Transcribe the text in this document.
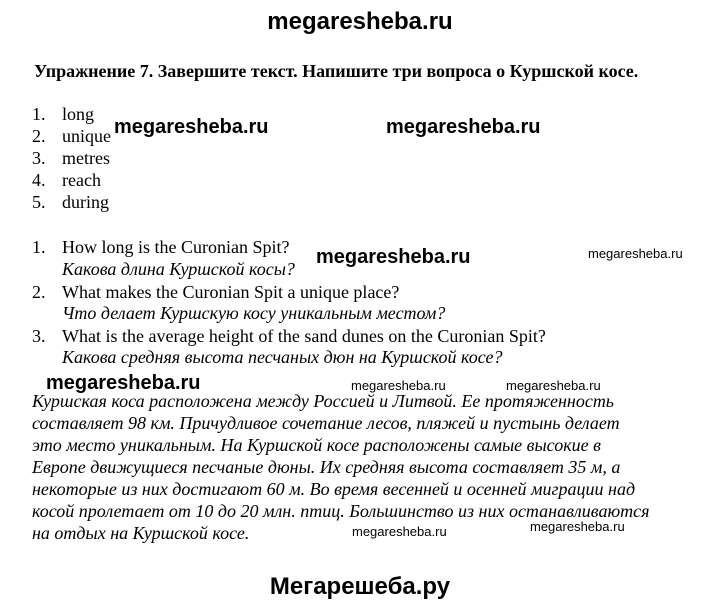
megaresheba.ru
Упражнение 7. Завершите текст. Напишите три вопроса о Куршской косе.
1. long
2. unique
3. metres
4. reach
5. during
1. How long is the Curonian Spit?
Какова длина Куршской косы?
2. What makes the Curonian Spit a unique place?
Что делает Куршскую косу уникальным местом?
3. What is the average height of the sand dunes on the Curonian Spit?
Какова средняя высота песчаных дюн на Куршской косе?
Куршская коса расположена между Россией и Литвой. Ее протяженность
составляет 98 км. Причудливое сочетание лесов, пляжей и пустынь делает
это место уникальным. На Куршской косе расположены самые высокие в
Европе движущиеся песчаные дюны. Их средняя высота составляет 35 м, а
некоторые из них достигают 60 м. Во время весенней и осенней миграции над
косой пролетает от 10 до 20 млн. птиц. Большинство из них останавливаются
на отдых на Куршской косе.
megaresheba.ru	megaresheba.ru
megaresheba.ru
megaresheba.ru
megaresheba.ru	megaresheba.ru	megaresheba.ru
megaresheba.ru	megaresheba.ru
Мегарешеба.ру
